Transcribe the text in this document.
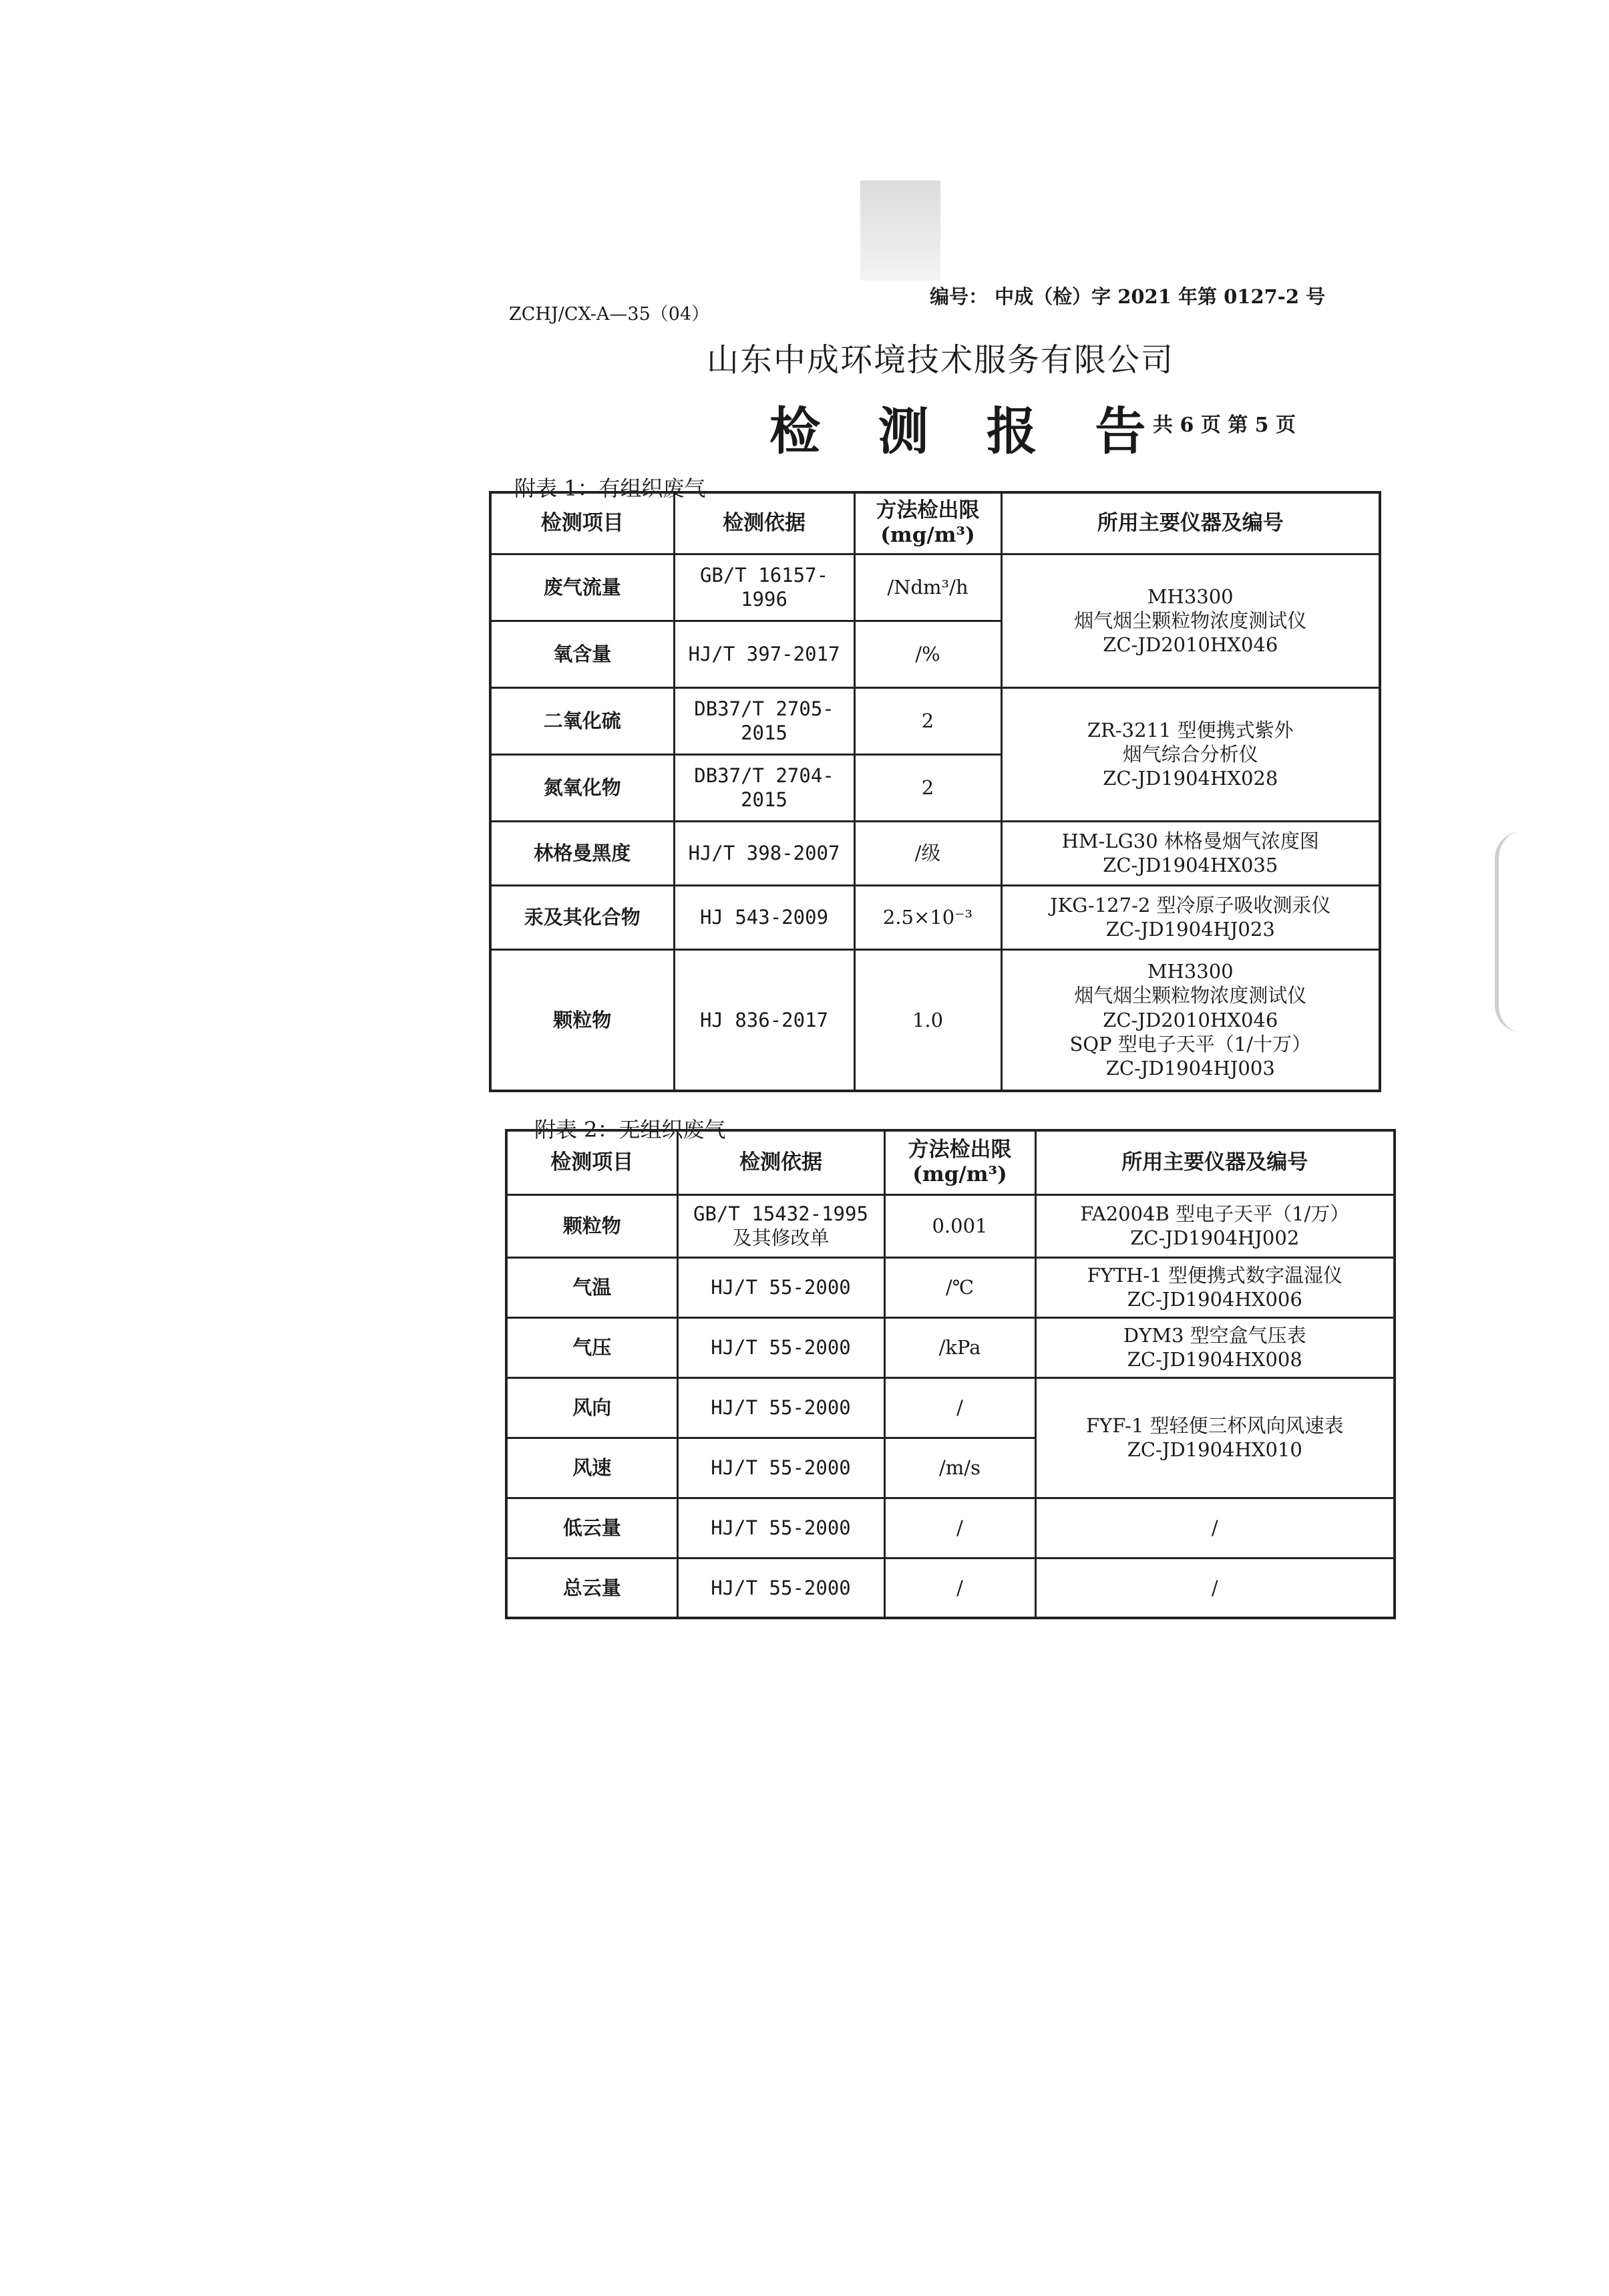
ZCHJ/CX-A—35（04）
编号： 中成（检）字 2021 年第 0127-2 号
山东中成环境技术服务有限公司
检 测 报 告
共 6 页 第 5 页
附表 1：有组织废气
检测项目	检测依据	方法检出限
(mg/m³)	所用主要仪器及编号
废气流量	GB/T 16157-1996	/Ndm³/h	MH3300
烟气烟尘颗粒物浓度测试仪
ZC-JD2010HX046

氧含量	HJ/T 397-2017	/%	
二氧化硫	DB37/T 2705-2015	2	ZR-3211 型便携式紫外
烟气综合分析仪
ZC-JD1904HX028

氮氧化物	DB37/T 2704-2015	2	
林格曼黑度	HJ/T 398-2007	/级	HM-LG30 林格曼烟气浓度图
ZC-JD1904HX035

汞及其化合物	HJ 543-2009	2.5×10⁻³	JKG-127-2 型冷原子吸收测汞仪
ZC-JD1904HJ023

颗粒物	HJ 836-2017	1.0	MH3300
烟气烟尘颗粒物浓度测试仪
ZC-JD2010HX046
SQP 型电子天平（1/十万）
ZC-JD1904HJ003
附表 2：无组织废气
检测项目	检测依据	方法检出限
(mg/m³)	所用主要仪器及编号
颗粒物	GB/T 15432-1995
及其修改单	0.001	FA2004B 型电子天平（1/万）
ZC-JD1904HJ002

气温	HJ/T 55-2000	/℃	FYTH-1 型便携式数字温湿仪
ZC-JD1904HX006

气压	HJ/T 55-2000	/kPa	DYM3 型空盒气压表
ZC-JD1904HX008

风向	HJ/T 55-2000	/	FYF-1 型轻便三杯风向风速表
ZC-JD1904HX010

风速	HJ/T 55-2000	/m/s	
低云量	HJ/T 55-2000	/	/
总云量	HJ/T 55-2000	/	/
